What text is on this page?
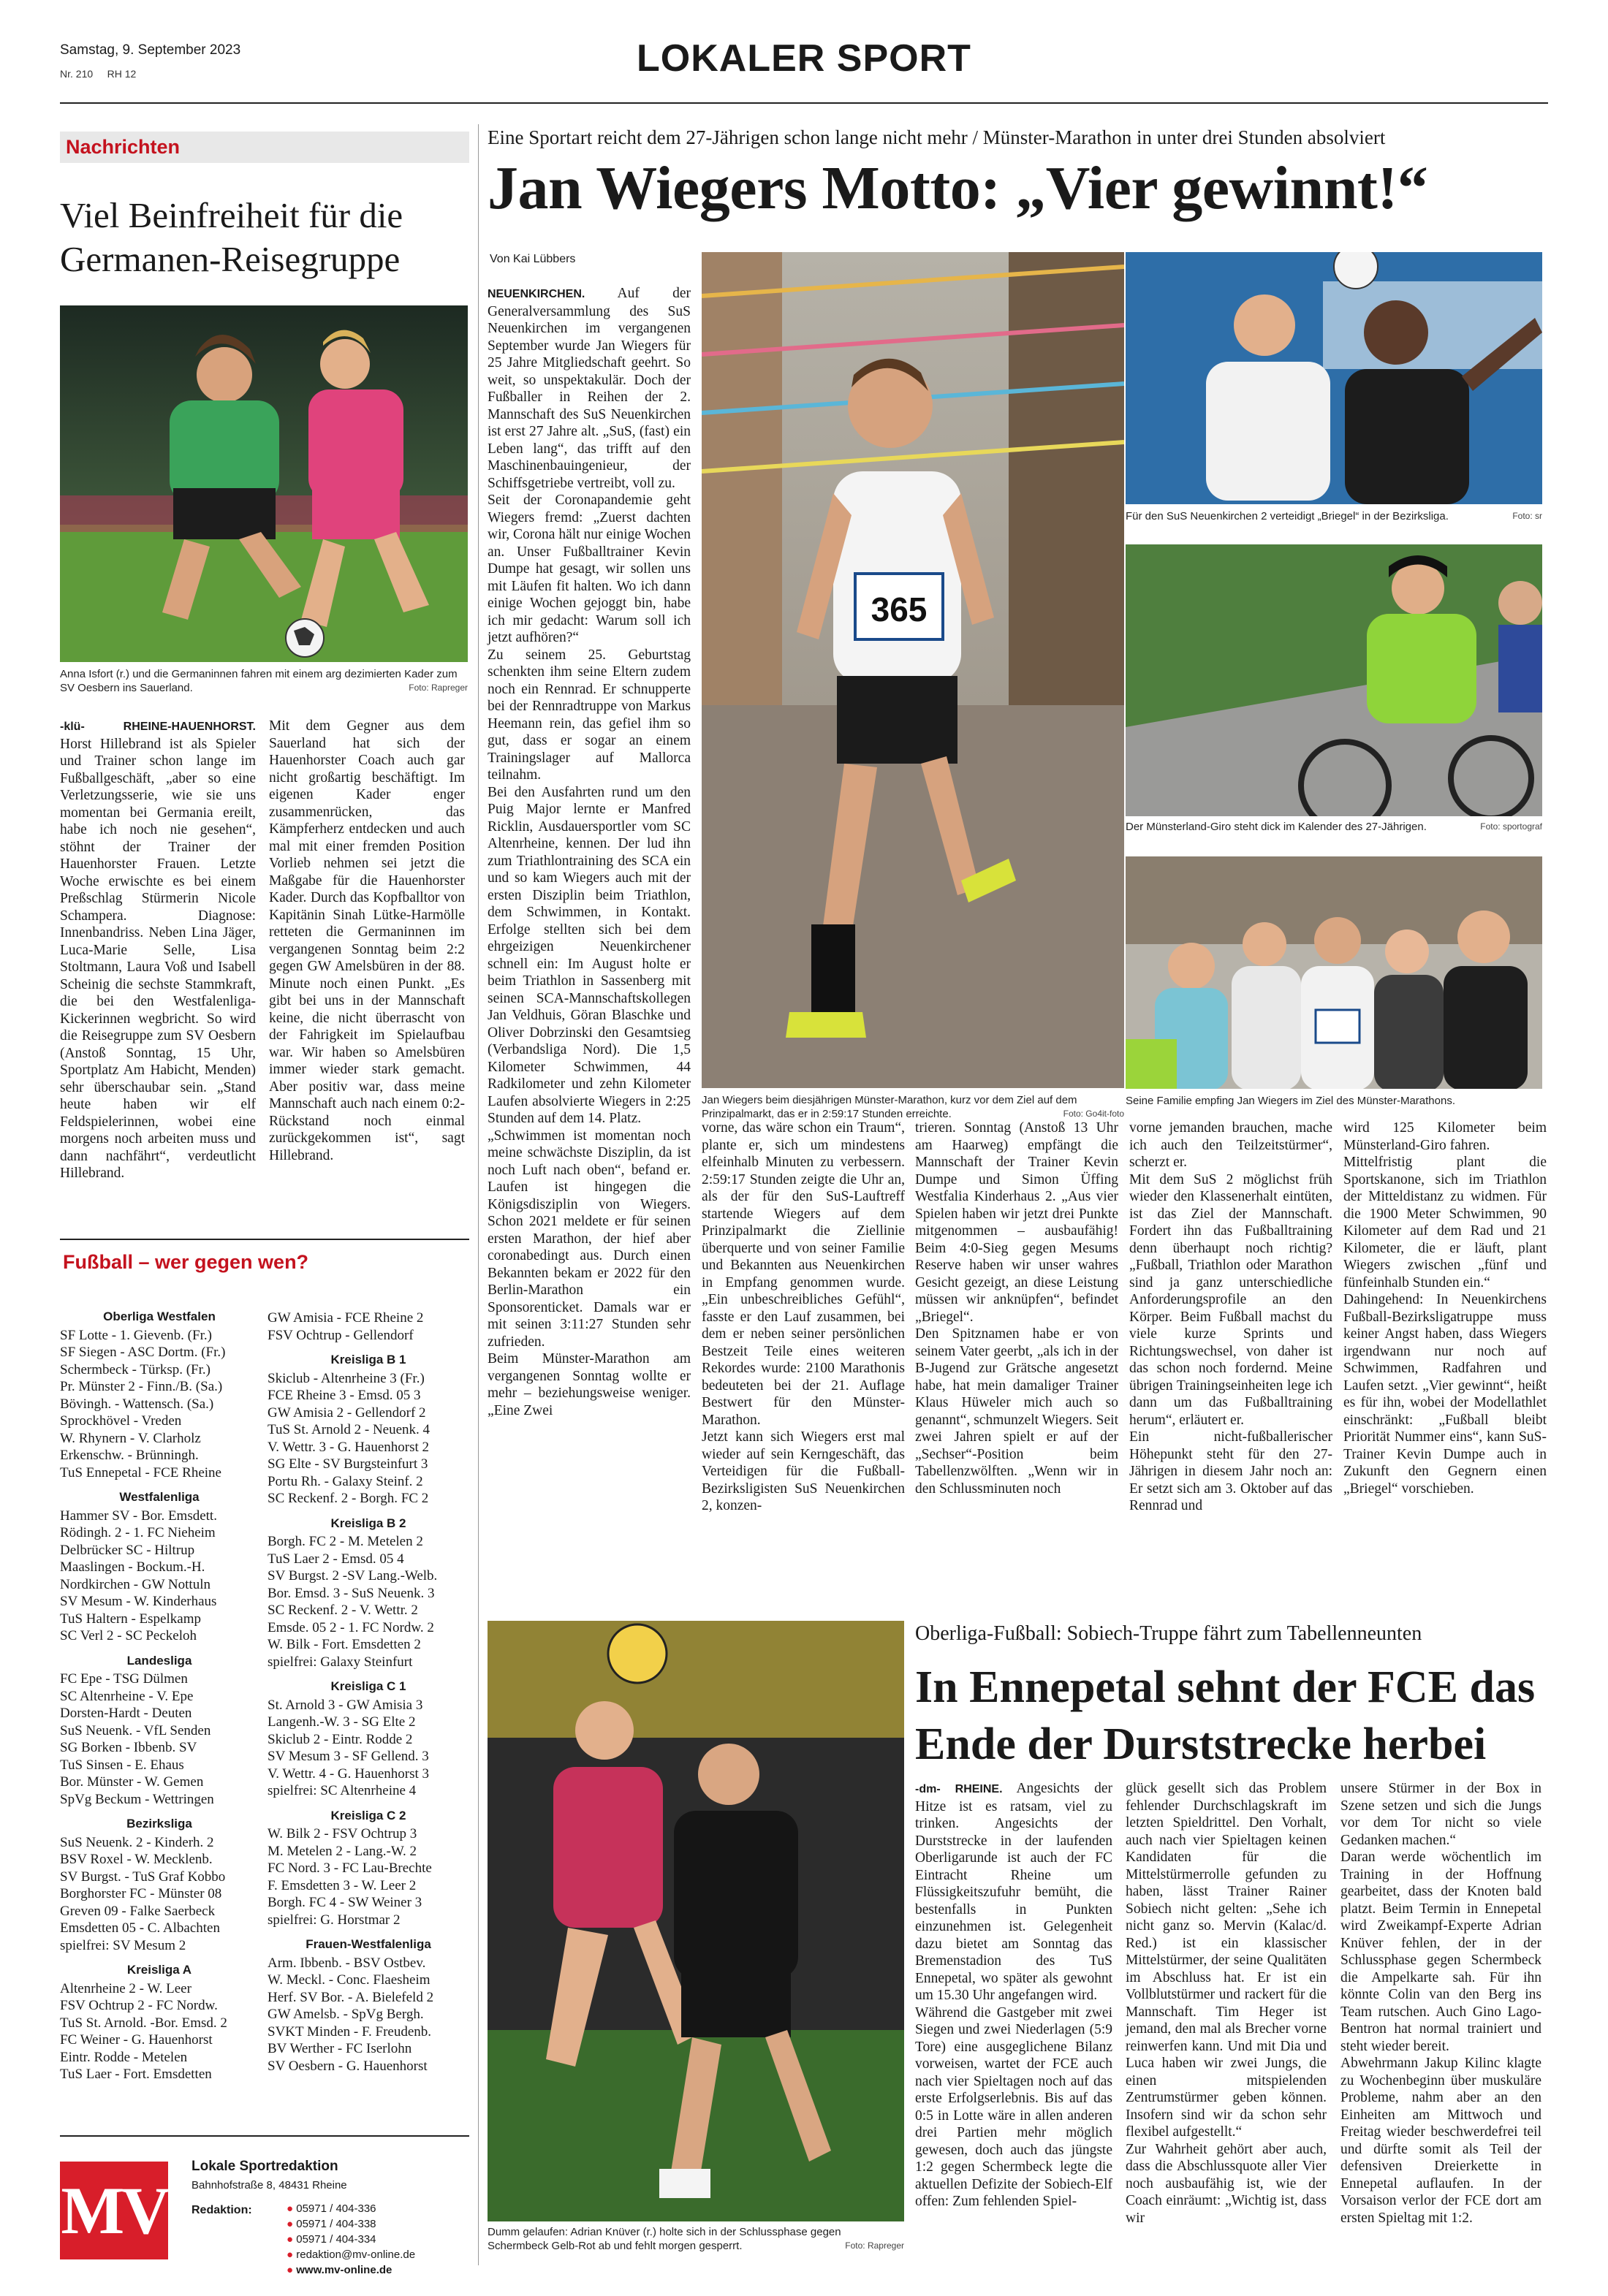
Samstag, 9. September 2023
Nr. 210     RH 12	LOKALER SPORT
Nachrichten
Viel Beinfreiheit für die Germanen-Reisegruppe
Anna Isfort (r.) und die Germaninnen fahren mit einem arg dezimierten Kader zum SV Oesbern ins Sauerland.	Foto: Rapreger
-klü-	RHEINE-HAUENHORST. Horst Hillebrand ist als Spieler und Trainer schon lange im Fußballgeschäft, „aber so eine Verletzungsserie, wie sie uns momentan bei Germania ereilt, habe ich noch nie gesehen“, stöhnt der Trainer der Hauenhorster Frauen. Letzte Woche erwischte es bei einem Preßschlag Stürmerin Nicole Schampera. Diagnose: Innenbandriss. Neben Lina Jäger, Luca-Marie Selle, Lisa Stoltmann, Laura Voß und Isabell Scheinig die sechste Stammkraft, die bei den Westfalenliga-Kickerinnen wegbricht. So wird die Reisegruppe zum SV Oesbern (Anstoß Sonntag, 15 Uhr, Sportplatz Am Habicht, Menden) sehr überschaubar sein. „Stand heute haben wir elf Feldspielerinnen, wobei eine morgens noch arbeiten muss und dann nachfährt“, verdeutlicht Hillebrand.
Mit dem Gegner aus dem Sauerland hat sich der Hauenhorster Coach auch gar nicht großartig beschäftigt. Im eigenen Kader enger zusammenrücken, das Kämpferherz entdecken und auch mal mit einer fremden Position Vorlieb nehmen sei jetzt die Maßgabe für die Hauenhorster Kader. Durch das Kopfballtor von Kapitänin Sinah Lütke-Harmölle retteten die Germaninnen im vergangenen Sonntag beim 2:2 gegen GW Amelsbüren in der 88. Minute noch einen Punkt. „Es gibt bei uns in der Mannschaft keine, die nicht überrascht von der Fahrigkeit im Spielaufbau war. Wir haben so Amelsbüren immer wieder stark gemacht. Aber positiv war, dass meine Mannschaft auch nach einem 0:2-Rückstand noch einmal zurückgekommen ist“, sagt Hillebrand.
Fußball – wer gegen wen?
Oberliga Westfalen
SF Lotte - 1. Gievenb. (Fr.)
SF Siegen - ASC Dortm. (Fr.)
Schermbeck - Türksp. (Fr.)
Pr. Münster 2 - Finn./B. (Sa.)
Bövingh. - Wattensch. (Sa.)
Sprockhövel - Vreden
W. Rhynern - V. Clarholz
Erkenschw. - Brünningh.
TuS Ennepetal - FCE Rheine
Westfalenliga
Hammer SV - Bor. Emsdett.
Rödingh. 2 - 1. FC Nieheim
Delbrücker SC - Hiltrup
Maaslingen - Bockum.-H.
Nordkirchen - GW Nottuln
SV Mesum - W. Kinderhaus
TuS Haltern - Espelkamp
SC Verl 2 - SC Peckeloh
Landesliga
FC Epe - TSG Dülmen
SC Altenrheine - V. Epe
Dorsten-Hardt - Deuten
SuS Neuenk. - VfL Senden
SG Borken - Ibbenb. SV
TuS Sinsen - E. Ehaus
Bor. Münster - W. Gemen
SpVg Beckum - Wettringen
Bezirksliga
SuS Neuenk. 2 - Kinderh. 2
BSV Roxel - W. Mecklenb.
SV Burgst. - TuS Graf Kobbo
Borghorster FC - Münster 08
Greven 09 - Falke Saerbeck
Emsdetten 05 - C. Albachten
spielfrei: SV Mesum 2
Kreisliga A
Altenrheine 2 - W. Leer
FSV Ochtrup 2 - FC Nordw.
TuS St. Arnold. -Bor. Emsd. 2
FC Weiner - G. Hauenhorst
Eintr. Rodde - Metelen
TuS Laer - Fort. Emsdetten
GW Amisia - FCE Rheine 2
FSV Ochtrup - Gellendorf
Kreisliga B 1
Skiclub - Altenrheine 3 (Fr.)
FCE Rheine 3 - Emsd. 05 3
GW Amisia 2 - Gellendorf 2
TuS St. Arnold 2 - Neuenk. 4
V. Wettr. 3 - G. Hauenhorst 2
SG Elte - SV Burgsteinfurt 3
Portu Rh. - Galaxy Steinf. 2
SC Reckenf. 2 - Borgh. FC 2
Kreisliga B 2
Borgh. FC 2 - M. Metelen 2
TuS Laer 2 - Emsd. 05 4
SV Burgst. 2 -SV Lang.-Welb.
Bor. Emsd. 3 - SuS Neuenk. 3
SC Reckenf. 2 - V. Wettr. 2
Emsde. 05 2 - 1. FC Nordw. 2
W. Bilk - Fort. Emsdetten 2
spielfrei: Galaxy Steinfurt
Kreisliga C 1
St. Arnold 3 - GW Amisia 3
Langenh.-W. 3 - SG Elte 2
Skiclub 2 - Eintr. Rodde 2
SV Mesum 3 - SF Gellend. 3
V. Wettr. 4 - G. Hauenhorst 3
spielfrei: SC Altenrheine 4
Kreisliga C 2
W. Bilk 2 - FSV Ochtrup 3
M. Metelen 2 - Lang.-W. 2
FC Nord. 3 - FC Lau-Brechte
F. Emsdetten 3 - W. Leer 2
Borgh. FC 4 - SW Weiner 3
spielfrei: G. Horstmar 2
Frauen-Westfalenliga
Arm. Ibbenb. - BSV Ostbev.
W. Meckl. - Conc. Flaesheim
Herf. SV Bor. - A. Bielefeld 2
GW Amelsb. - SpVg Bergh.
SVKT Minden - F. Freudenb.
BV Werther - FC Iserlohn
SV Oesbern - G. Hauenhorst
MV
Lokale Sportredaktion
Bahnhofstraße 8, 48431 Rheine
Redaktion:	● 05971 / 404-336
● 05971 / 404-338
● 05971 / 404-334
● redaktion@mv-online.de
● www.mv-online.de
Eine Sportart reicht dem 27-Jährigen schon lange nicht mehr / Münster-Marathon in unter drei Stunden absolviert
Jan Wiegers Motto: „Vier gewinnt!“
Von Kai Lübbers
NEUENKIRCHEN. Auf der Generalversammlung des SuS Neuenkirchen im vergangenen September wurde Jan Wiegers für 25 Jahre Mitgliedschaft geehrt. So weit, so unspektakulär. Doch der Fußballer in Reihen der 2. Mannschaft des SuS Neuenkirchen ist erst 27 Jahre alt. „SuS, (fast) ein Leben lang“, das trifft auf den Maschinenbauingenieur, der Schiffsgetriebe vertreibt, voll zu.
Seit der Coronapandemie geht Wiegers fremd: „Zuerst dachten wir, Corona hält nur einige Wochen an. Unser Fußballtrainer Kevin Dumpe hat gesagt, wir sollen uns mit Läufen fit halten. Wo ich dann einige Wochen gejoggt bin, habe ich mir gedacht: Warum soll ich jetzt aufhören?“
Zu seinem 25. Geburtstag schenkten ihm seine Eltern zudem noch ein Rennrad. Er schnupperte bei der Rennradtruppe von Markus Heemann rein, das gefiel ihm so gut, dass er sogar an einem Trainingslager auf Mallorca teilnahm.
Bei den Ausfahrten rund um den Puig Major lernte er Manfred Ricklin, Ausdauersportler vom SC Altenrheine, kennen. Der lud ihn zum Triathlontraining des SCA ein und so kam Wiegers auch mit der ersten Disziplin beim Triathlon, dem Schwimmen, in Kontakt. Erfolge stellten sich bei dem ehrgeizigen Neuenkirchener schnell ein: Im August holte er beim Triathlon in Sassenberg mit seinen SCA-Mannschaftskollegen Jan Veldhuis, Göran Blaschke und Oliver Dobrzinski den Gesamtsieg (Verbandsliga Nord). Die 1,5 Kilometer Schwimmen, 44 Radkilometer und zehn Kilometer Laufen absolvierte Wiegers in 2:25 Stunden auf dem 14. Platz.
„Schwimmen ist momentan noch meine schwächste Disziplin, da ist noch Luft nach oben“, befand er. Laufen ist hingegen die Königsdisziplin von Wiegers. Schon 2021 meldete er für seinen ersten Marathon, der hief aber coronabedingt aus. Durch einen Bekannten bekam er 2022 für den Berlin-Marathon ein Sponsorenticket. Damals war er mit seinen 3:11:27 Stunden sehr zufrieden.
Beim Münster-Marathon am vergangenen Sonntag wollte er mehr – beziehungsweise weniger. „Eine Zwei
365
Jan Wiegers beim diesjährigen Münster-Marathon, kurz vor dem Ziel auf dem Prinzipalmarkt, das er in 2:59:17 Stunden erreichte.	Foto: Go4it-foto
Für den SuS Neuenkirchen 2 verteidigt „Briegel“ in der Bezirksliga.	Foto: sr
Der Münsterland-Giro steht dick im Kalender des 27-Jährigen.	Foto: sportograf
Seine Familie empfing Jan Wiegers im Ziel des Münster-Marathons.
vorne, das wäre schon ein Traum“, plante er, sich um mindestens elfeinhalb Minuten zu verbessern. 2:59:17 Stunden zeigte die Uhr an, als der für den SuS-Lauftreff startende Wiegers auf dem Prinzipalmarkt die Ziellinie überquerte und von seiner Familie und Bekannten aus Neuenkirchen in Empfang genommen wurde. „Ein unbeschreibliches Gefühl“, fasste er den Lauf zusammen, bei dem er neben seiner persönlichen Bestzeit Teile eines weiteren Rekordes wurde: 2100 Marathonis bedeuteten bei der 21. Auflage Bestwert für den Münster-Marathon.
Jetzt kann sich Wiegers erst mal wieder auf sein Kerngeschäft, das Verteidigen für die Fußball-Bezirksligisten SuS Neuenkirchen 2, konzen-
trieren. Sonntag (Anstoß 13 Uhr am Haarweg) empfängt die Mannschaft der Trainer Kevin Dumpe und Simon Üffing Westfalia Kinderhaus 2. „Aus vier Spielen haben wir jetzt drei Punkte mitgenommen – ausbaufähig! Beim 4:0-Sieg gegen Mesums Reserve haben wir unser wahres Gesicht gezeigt, an diese Leistung müssen wir anknüpfen“, befindet „Briegel“.
Den Spitznamen habe er von seinem Vater geerbt, „als ich in der B-Jugend zur Grätsche angesetzt habe, hat mein damaliger Trainer Klaus Hüweler mich auch so genannt“, schmunzelt Wiegers. Seit zwei Jahren spielt er auf der „Sechser“-Position beim Tabellenzwölften. „Wenn wir in den Schlussminuten noch
vorne jemanden brauchen, mache ich auch den Teilzeitstürmer“, scherzt er.
Mit dem SuS 2 möglichst früh wieder den Klassenerhalt eintüten, ist das Ziel der Mannschaft. Fordert ihn das Fußballtraining denn überhaupt noch richtig? „Fußball, Triathlon oder Marathon sind ja ganz unterschiedliche Anforderungsprofile an den Körper. Beim Fußball machst du viele kurze Sprints und Richtungswechsel, von daher ist das schon noch fordernd. Meine übrigen Trainingseinheiten lege ich dann um das Fußballtraining herum“, erläutert er.
Ein nicht-fußballerischer Höhepunkt steht für den 27-Jährigen in diesem Jahr noch an: Er setzt sich am 3. Oktober auf das Rennrad und
wird 125 Kilometer beim Münsterland-Giro fahren.
Mittelfristig plant die Sportskanone, sich im Triathlon der Mitteldistanz zu widmen. Für die 1900 Meter Schwimmen, 90 Kilometer auf dem Rad und 21 Kilometer, die er läuft, plant Wiegers zwischen „fünf und fünfeinhalb Stunden ein.“
Dahingehend: In Neuenkirchens Fußball-Bezirksligatruppe muss keiner Angst haben, dass Wiegers irgendwann nur noch auf Schwimmen, Radfahren und Laufen setzt. „Vier gewinnt“, heißt es für ihn, wobei der Modellathlet einschränkt: „Fußball bleibt Priorität Nummer eins“, kann SuS-Trainer Kevin Dumpe auch in Zukunft den Gegnern einen „Briegel“ vorschieben.
Dumm gelaufen: Adrian Knüver (r.) holte sich in der Schlussphase gegen Schermbeck Gelb-Rot ab und fehlt morgen gesperrt.	Foto: Rapreger
Oberliga-Fußball: Sobiech-Truppe fährt zum Tabellenneunten
In Ennepetal sehnt der FCE das Ende der Durststrecke herbei
-dm- RHEINE. Angesichts der Hitze ist es ratsam, viel zu trinken. Angesichts der Durststrecke in der laufenden Oberligarunde ist auch der FC Eintracht Rheine um Flüssigkeitszufuhr bemüht, die bestenfalls in Punkten einzunehmen ist. Gelegenheit dazu bietet am Sonntag das Bremenstadion des TuS Ennepetal, wo später als gewohnt um 15.30 Uhr angefangen wird.
Während die Gastgeber mit zwei Siegen und zwei Niederlagen (5:9 Tore) eine ausgeglichene Bilanz vorweisen, wartet der FCE auch nach vier Spieltagen noch auf das erste Erfolgserlebnis. Bis auf das 0:5 in Lotte wäre in allen anderen drei Partien mehr möglich gewesen, doch auch das jüngste 1:2 gegen Schermbeck legte die aktuellen Defizite der Sobiech-Elf offen: Zum fehlenden Spiel-
glück gesellt sich das Problem fehlender Durchschlagskraft im letzten Spieldrittel. Den Vorhalt, auch nach vier Spieltagen keinen Kandidaten für die Mittelstürmerrolle gefunden zu haben, lässt Trainer Rainer Sobiech nicht gelten: „Sehe ich nicht ganz so. Mervin (Kalac/d. Red.) ist ein klassischer Mittelstürmer, der seine Qualitäten im Abschluss hat. Er ist ein Vollblutstürmer und rackert für die Mannschaft. Tim Heger ist jemand, den mal als Brecher vorne reinwerfen kann. Und mit Dia und Luca haben wir zwei Jungs, die einen mitspielenden Zentrumstürmer geben können. Insofern sind wir da schon sehr flexibel aufgestellt.“
Zur Wahrheit gehört aber auch, dass die Abschlussquote aller Vier noch ausbaufähig ist, wie der Coach einräumt: „Wichtig ist, dass wir
unsere Stürmer in der Box in Szene setzen und sich die Jungs vor dem Tor nicht so viele Gedanken machen.“
Daran werde wöchentlich im Training in der Hoffnung gearbeitet, dass der Knoten bald platzt. Beim Termin in Ennepetal wird Zweikampf-Experte Adrian Knüver fehlen, der in der Schlussphase gegen Schermbeck die Ampelkarte sah. Für ihn könnte Colin van den Berg ins Team rutschen. Auch Gino Lago-Bentron hat normal trainiert und steht wieder bereit.
Abwehrmann Jakup Kilinc klagte zu Wochenbeginn über muskuläre Probleme, nahm aber an den Einheiten am Mittwoch und Freitag wieder beschwerdefrei teil und dürfte somit als Teil der defensiven Dreierkette in Ennepetal auflaufen. In der Vorsaison verlor der FCE dort am ersten Spieltag mit 1:2.
